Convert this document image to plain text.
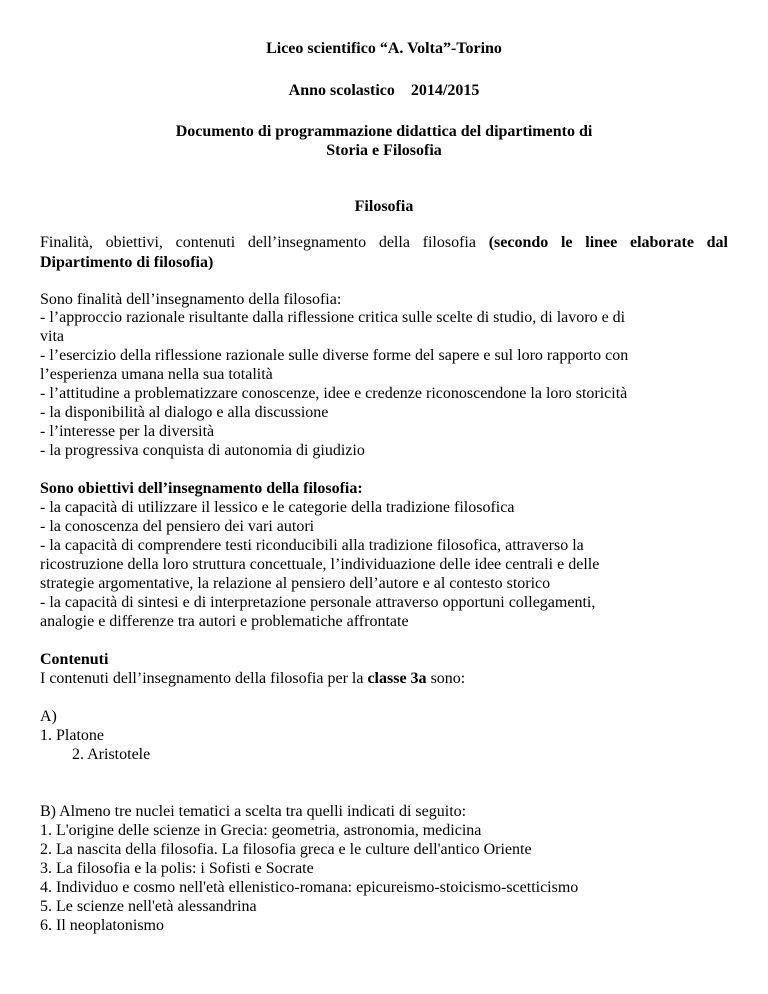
Liceo scientifico “A. Volta”-Torino
Anno scolastico 2014/2015
Documento di programmazione didattica del dipartimento di
Storia e Filosofia
Filosofia
Finalità, obiettivi, contenuti dell’insegnamento della filosofia (secondo le linee elaborate dal Dipartimento di filosofia)
Sono finalità dell’insegnamento della filosofia:
- l’approccio razionale risultante dalla riflessione critica sulle scelte di studio, di lavoro e di
vita
- l’esercizio della riflessione razionale sulle diverse forme del sapere e sul loro rapporto con
l’esperienza umana nella sua totalità
- l’attitudine a problematizzare conoscenze, idee e credenze riconoscendone la loro storicità
- la disponibilità al dialogo e alla discussione
- l’interesse per la diversità
- la progressiva conquista di autonomia di giudizio
Sono obiettivi dell’insegnamento della filosofia:
- la capacità di utilizzare il lessico e le categorie della tradizione filosofica
- la conoscenza del pensiero dei vari autori
- la capacità di comprendere testi riconducibili alla tradizione filosofica, attraverso la
ricostruzione della loro struttura concettuale, l’individuazione delle idee centrali e delle
strategie argomentative, la relazione al pensiero dell’autore e al contesto storico
- la capacità di sintesi e di interpretazione personale attraverso opportuni collegamenti,
analogie e differenze tra autori e problematiche affrontate
Contenuti
I contenuti dell’insegnamento della filosofia per la classe 3a sono:
A)
1. Platone
2. Aristotele
B) Almeno tre nuclei tematici a scelta tra quelli indicati di seguito:
1. L'origine delle scienze in Grecia: geometria, astronomia, medicina
2. La nascita della filosofia. La filosofia greca e le culture dell'antico Oriente
3. La filosofia e la polis: i Sofisti e Socrate
4. Individuo e cosmo nell'età ellenistico-romana: epicureismo-stoicismo-scetticismo
5. Le scienze nell'età alessandrina
6. Il neoplatonismo
